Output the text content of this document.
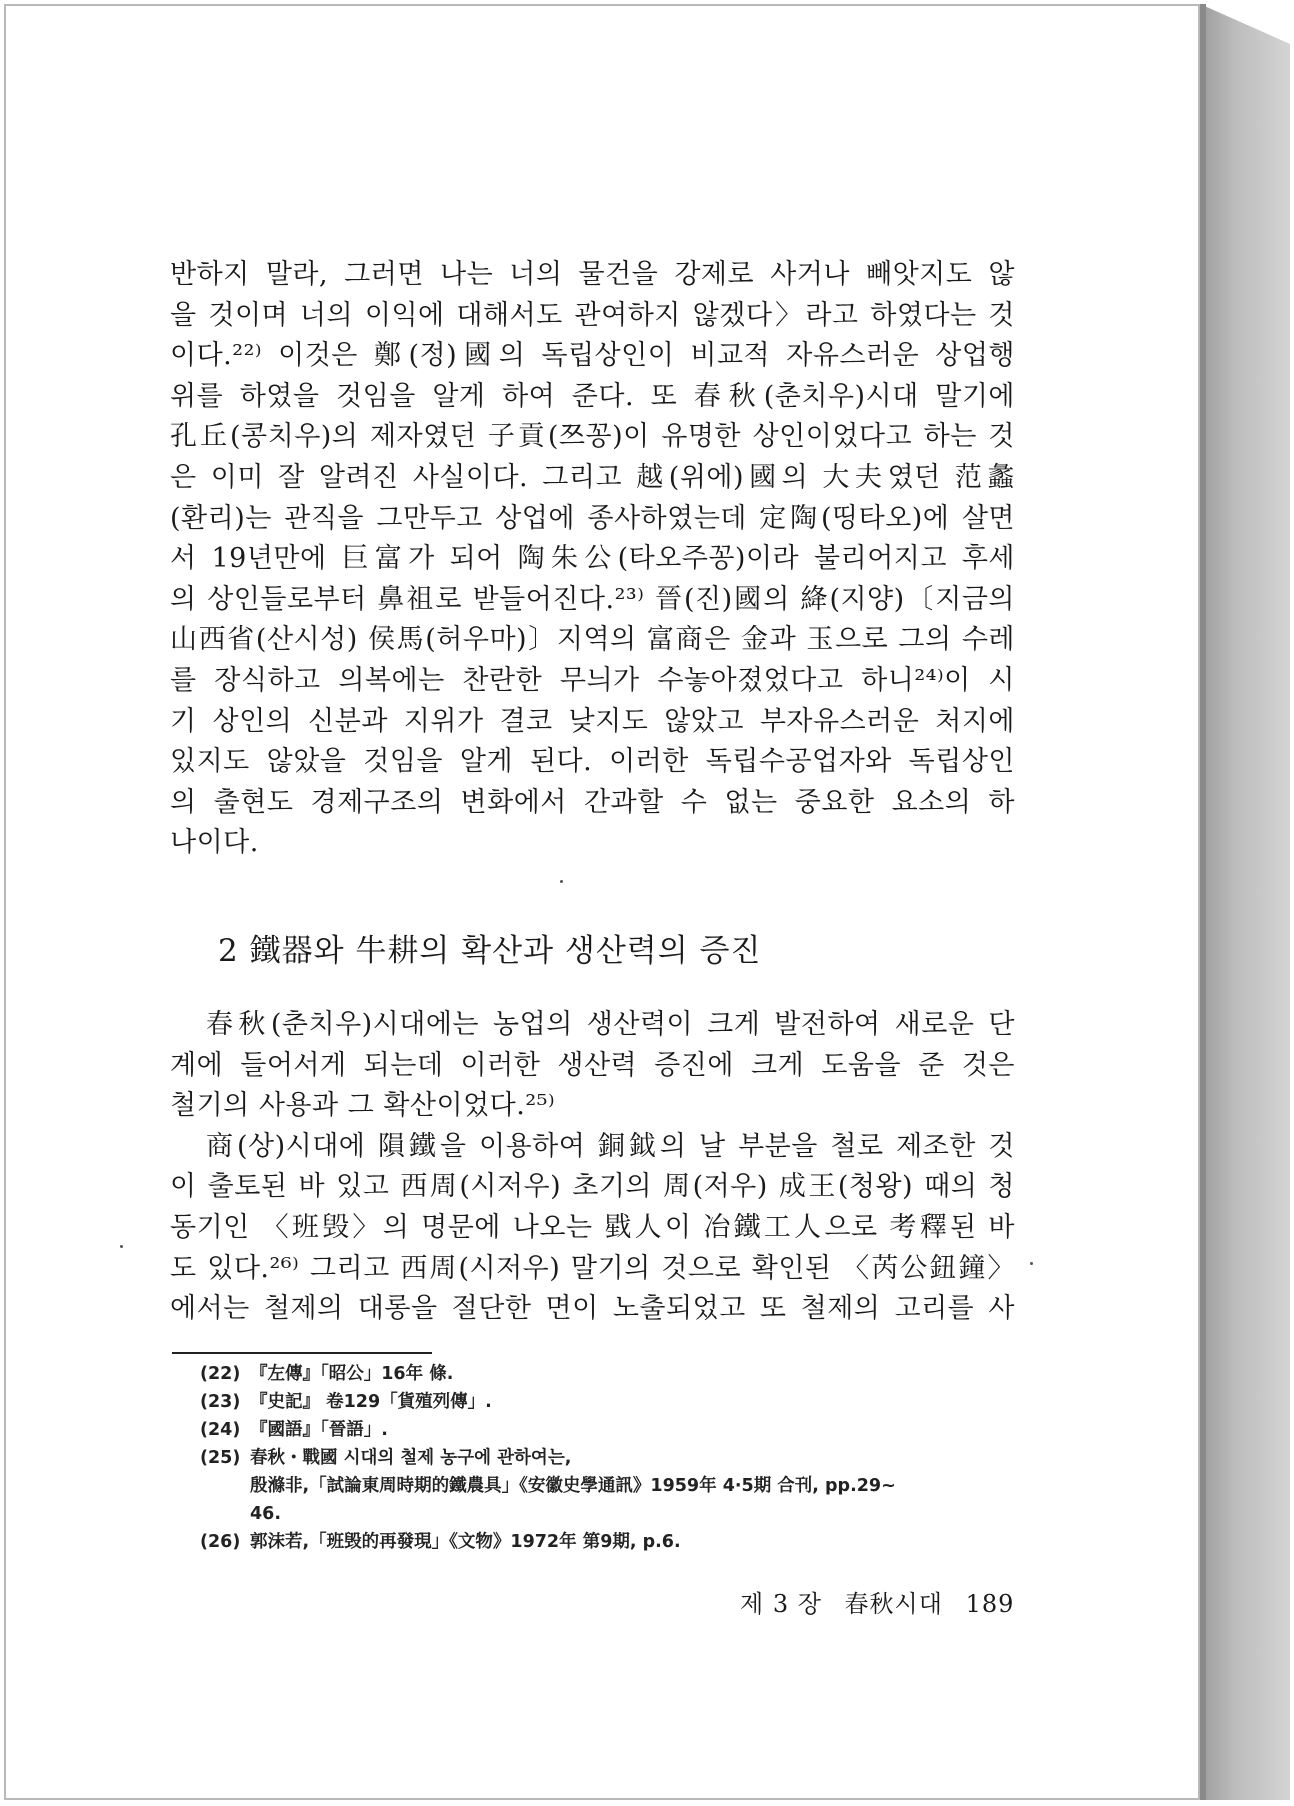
반하지 말라, 그러면 나는 너의 물건을 강제로 사거나 빼앗지도 않
을 것이며 너의 이익에 대해서도 관여하지 않겠다〉라고 하였다는 것
이다.²²⁾ 이것은 鄭(정)國의 독립상인이 비교적 자유스러운 상업행
위를 하였을 것임을 알게 하여 준다. 또 春秋(춘치우)시대 말기에
孔丘(콩치우)의 제자였던 子貢(쯔꽁)이 유명한 상인이었다고 하는 것
은 이미 잘 알려진 사실이다. 그리고 越(위에)國의 大夫였던 范蠡
(환리)는 관직을 그만두고 상업에 종사하였는데 定陶(띵타오)에 살면
서 19년만에 巨富가 되어 陶朱公(타오주꽁)이라 불리어지고 후세
의 상인들로부터 鼻祖로 받들어진다.²³⁾ 晉(진)國의 絳(지양)〔지금의
山西省(산시성) 侯馬(허우마)〕지역의 富商은 金과 玉으로 그의 수레
를 장식하고 의복에는 찬란한 무늬가 수놓아졌었다고 하니²⁴⁾이 시
기 상인의 신분과 지위가 결코 낮지도 않았고 부자유스러운 처지에
있지도 않았을 것임을 알게 된다. 이러한 독립수공업자와 독립상인
의 출현도 경제구조의 변화에서 간과할 수 없는 중요한 요소의 하
나이다.
2 鐵器와 牛耕의 확산과 생산력의 증진
春秋(춘치우)시대에는 농업의 생산력이 크게 발전하여 새로운 단
계에 들어서게 되는데 이러한 생산력 증진에 크게 도움을 준 것은
철기의 사용과 그 확산이었다.²⁵⁾
商(상)시대에 隕鐵을 이용하여 銅鉞의 날 부분을 철로 제조한 것
이 출토된 바 있고 西周(시저우) 초기의 周(저우) 成王(청왕) 때의 청
동기인 〈班毁〉의 명문에 나오는 戥人이 冶鐵工人으로 考釋된 바
도 있다.²⁶⁾ 그리고 西周(시저우) 말기의 것으로 확인된 〈芮公鈕鐘〉
에서는 철제의 대롱을 절단한 면이 노출되었고 또 철제의 고리를 사
(22) 『左傳』「昭公」16年 條.
(23) 『史記』 卷129「貨殖列傳」.
(24) 『國語』「晉語」.
(25) 春秋・戰國 시대의 철제 농구에 관하여는,
殷滌非,「試論東周時期的鐵農具」《安徽史學通訊》1959年 4·5期 合刊, pp.29~
46.
(26) 郭沫若,「班毁的再發現」《文物》1972年 第9期, p.6.
제 3 장 春秋시대 189
